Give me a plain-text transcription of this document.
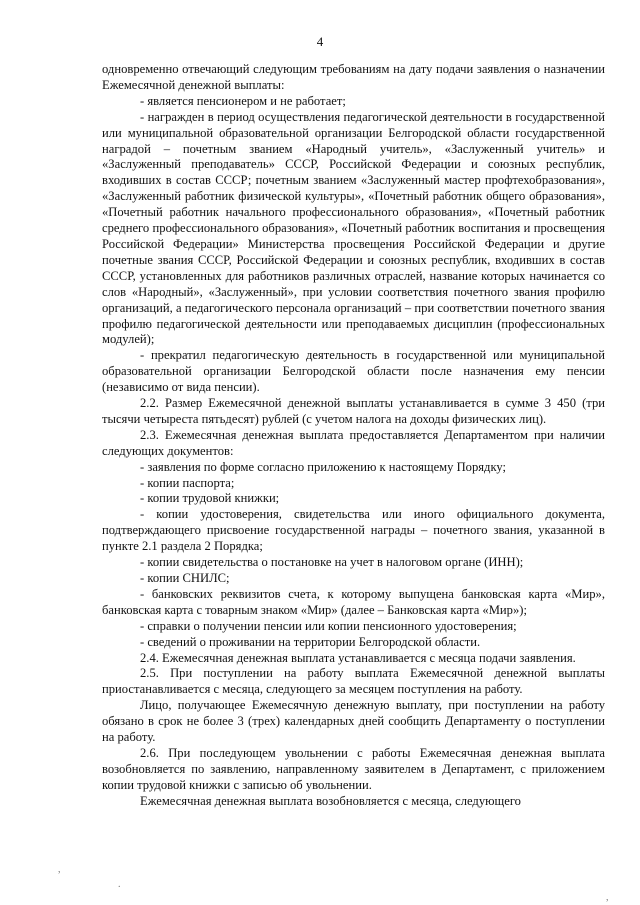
4

одновременно отвечающий следующим требованиям на дату подачи заявления о назначении Ежемесячной денежной выплаты:

- является пенсионером и не работает;

- награжден в период осуществления педагогической деятельности в государственной или муниципальной образовательной организации Белгородской области государственной наградой – почетным званием «Народный учитель», «Заслуженный учитель» и «Заслуженный преподаватель» СССР, Российской Федерации и союзных республик, входивших в состав СССР; почетным званием «Заслуженный мастер профтехобразования», «Заслуженный работник физической культуры», «Почетный работник общего образования», «Почетный работник начального профессионального образования», «Почетный работник среднего профессионального образования», «Почетный работник воспитания и просвещения Российской Федерации» Министерства просвещения Российской Федерации и другие почетные звания СССР, Российской Федерации и союзных республик, входивших в состав СССР, установленных для работников различных отраслей, название которых начинается со слов «Народный», «Заслуженный», при условии соответствия почетного звания профилю организаций, а педагогического персонала организаций – при соответствии почетного звания профилю педагогической деятельности или преподаваемых дисциплин (профессиональных модулей);

- прекратил педагогическую деятельность в государственной или муниципальной образовательной организации Белгородской области после назначения ему пенсии (независимо от вида пенсии).

2.2. Размер Ежемесячной денежной выплаты устанавливается в сумме 3 450 (три тысячи четыреста пятьдесят) рублей (с учетом налога на доходы физических лиц).

2.3. Ежемесячная денежная выплата предоставляется Департаментом при наличии следующих документов:

- заявления по форме согласно приложению к настоящему Порядку;

- копии паспорта;

- копии трудовой книжки;

- копии удостоверения, свидетельства или иного официального документа, подтверждающего присвоение государственной награды – почетного звания, указанной в пункте 2.1 раздела 2 Порядка;

- копии свидетельства о постановке на учет в налоговом органе (ИНН);

- копии СНИЛС;

- банковских реквизитов счета, к которому выпущена банковская карта «Мир», банковская карта с товарным знаком «Мир» (далее – Банковская карта «Мир»);

- справки о получении пенсии или копии пенсионного удостоверения;

- сведений о проживании на территории Белгородской области.

2.4. Ежемесячная денежная выплата устанавливается с месяца подачи заявления.

2.5. При поступлении на работу выплата Ежемесячной денежной выплаты приостанавливается с месяца, следующего за месяцем поступления на работу.

Лицо, получающее Ежемесячную денежную выплату, при поступлении на работу обязано в срок не более 3 (трех) календарных дней сообщить Департаменту о поступлении на работу.

2.6. При последующем увольнении с работы Ежемесячная денежная выплата возобновляется по заявлению, направленному заявителем в Департамент, с приложением копии трудовой книжки с записью об увольнении.

Ежемесячная денежная выплата возобновляется с месяца, следующего

,
.
,
